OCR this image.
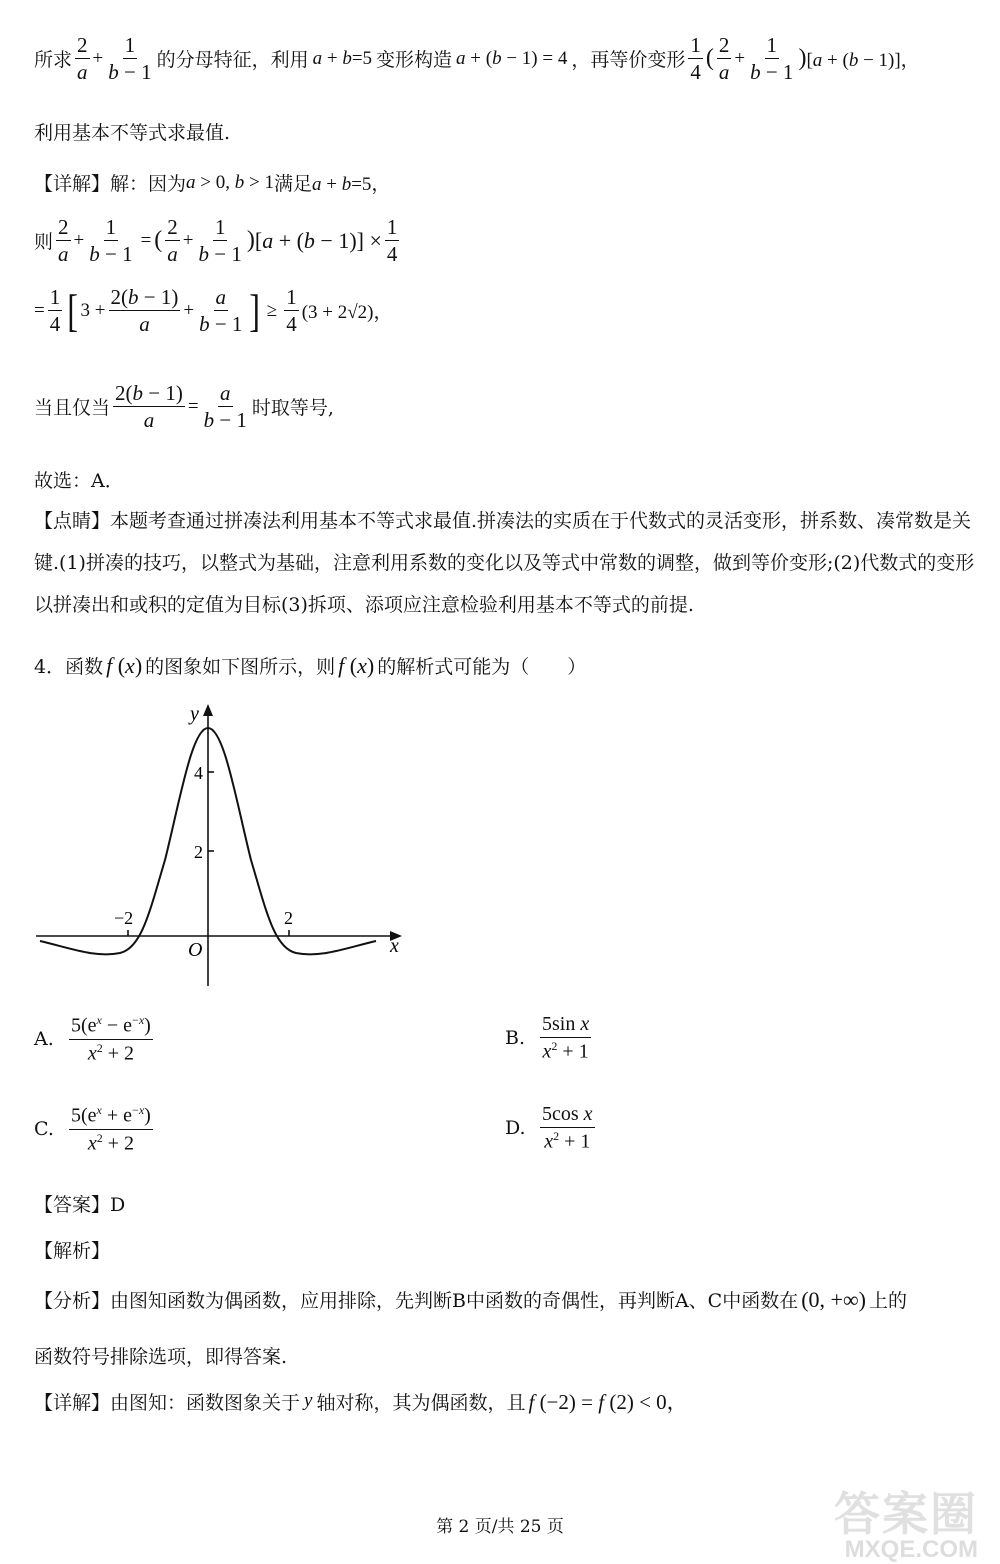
所求 $\frac{2}{a} + \frac{1}{b - 1}$ 的分母特征，利用 a + b=5 变形构造 a + (b − 1) = 4 ，再等价变形 $\frac{1}{4}$ ( $\frac{2}{a} + \frac{1}{b - 1}$ ) [a + (b − 1)]，
利用基本不等式求最值.
【详解】解：因为 a > 0, b > 1 满足 a + b=5，
则 $\frac{2}{a} + \frac{1}{b - 1}$ = ( $\frac{2}{a} + \frac{1}{b - 1}$ ) $[a + (b - 1)] \times \frac{1}{4}$
= $\frac{1}{4}$ [ $3 + \frac{2(b - 1)}{a} + \frac{a}{b - 1}$ ] ≥ $\frac{1}{4} (3 + 2√2)$，
当且仅当 $\frac{2(b - 1)}{a} = \frac{a}{b - 1}$ 时取等号,
故选：A．
【点睛】本题考查通过拼凑法利用基本不等式求最值.拼凑法的实质在于代数式的灵活变形，拼系数、凑常数是关键.(1)拼凑的技巧，以整式为基础，注意利用系数的变化以及等式中常数的调整，做到等价变形;(2)代数式的变形以拼凑出和或积的定值为目标(3)拆项、添项应注意检验利用基本不等式的前提.
4．函数 f (x) 的图象如下图所示，则 f (x) 的解析式可能为（　　）
y
x
O
4
2
−2	2
A. $\frac{5(e^x - e^{-x})}{x^2 + 2}$	B. $\frac{\text{5sin x}}{x^2 + 1}$
C. $\frac{5(e^x + e^{-x})}{x^2 + 2}$	D. $\frac{\text{5cos x}}{x^2 + 1}$
【答案】D
【解析】
【分析】由图知函数为偶函数，应用排除，先判断B中函数的奇偶性，再判断A、C中函数在 (0, +∞) 上的
函数符号排除选项，即得答案.
【详解】由图知：函数图象关于 y 轴对称，其为偶函数，且 f (−2) = f (2) < 0，
答案圈
MXQE.COM
第 2 页/共 25 页
